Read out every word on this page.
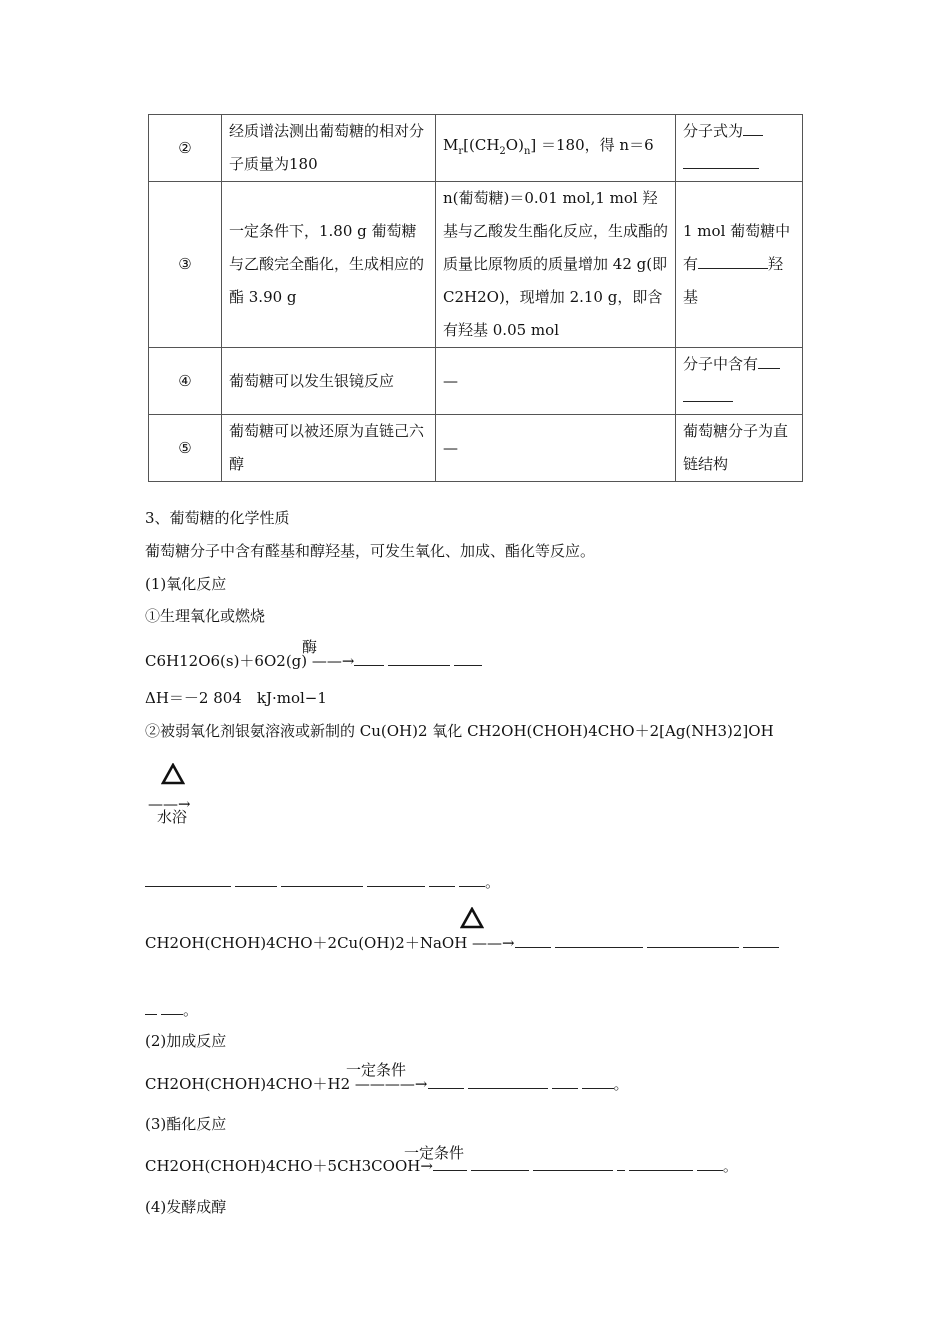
②	经质谱法测出葡萄糖的相对分子质量为180	$M_r[(CH_2O)_n] =180$，得 n＝6	分子式为

③	一定条件下，1.80 g 葡萄糖与乙酸完全酯化，生成相应的酯 3.90 g	n(葡萄糖)＝0.01 mol,1 mol 羟基与乙酸发生酯化反应，生成酯的质量比原物质的质量增加 42 g(即 C2H2O)，现增加 2.10 g，即含有羟基 0.05 mol	1 mol 葡萄糖中有 羟基
④	葡萄糖可以发生银镜反应	—	分子中含有

⑤	葡萄糖可以被还原为直链己六醇	—	葡萄糖分子为直链结构
3、葡萄糖的化学性质
葡萄糖分子中含有醛基和醇羟基，可发生氧化、加成、酯化等反应。
(1)氧化反应
①生理氧化或燃烧
酶
C6H12O6(s)＋6O2(g) ——→
ΔH＝－2 804　kJ·mol−1
②被弱氧化剂银氨溶液或新制的 Cu(OH)2 氧化 CH2OH(CHOH)4CHO＋2[Ag(NH3)2]OH
——→
水浴
。
CH2OH(CHOH)4CHO＋2Cu(OH)2＋NaOH ——→
。
(2)加成反应
一定条件
CH2OH(CHOH)4CHO＋H2 ————→	。
(3)酯化反应
一定条件
CH2OH(CHOH)4CHO＋5CH3COOH→	。
(4)发酵成醇
